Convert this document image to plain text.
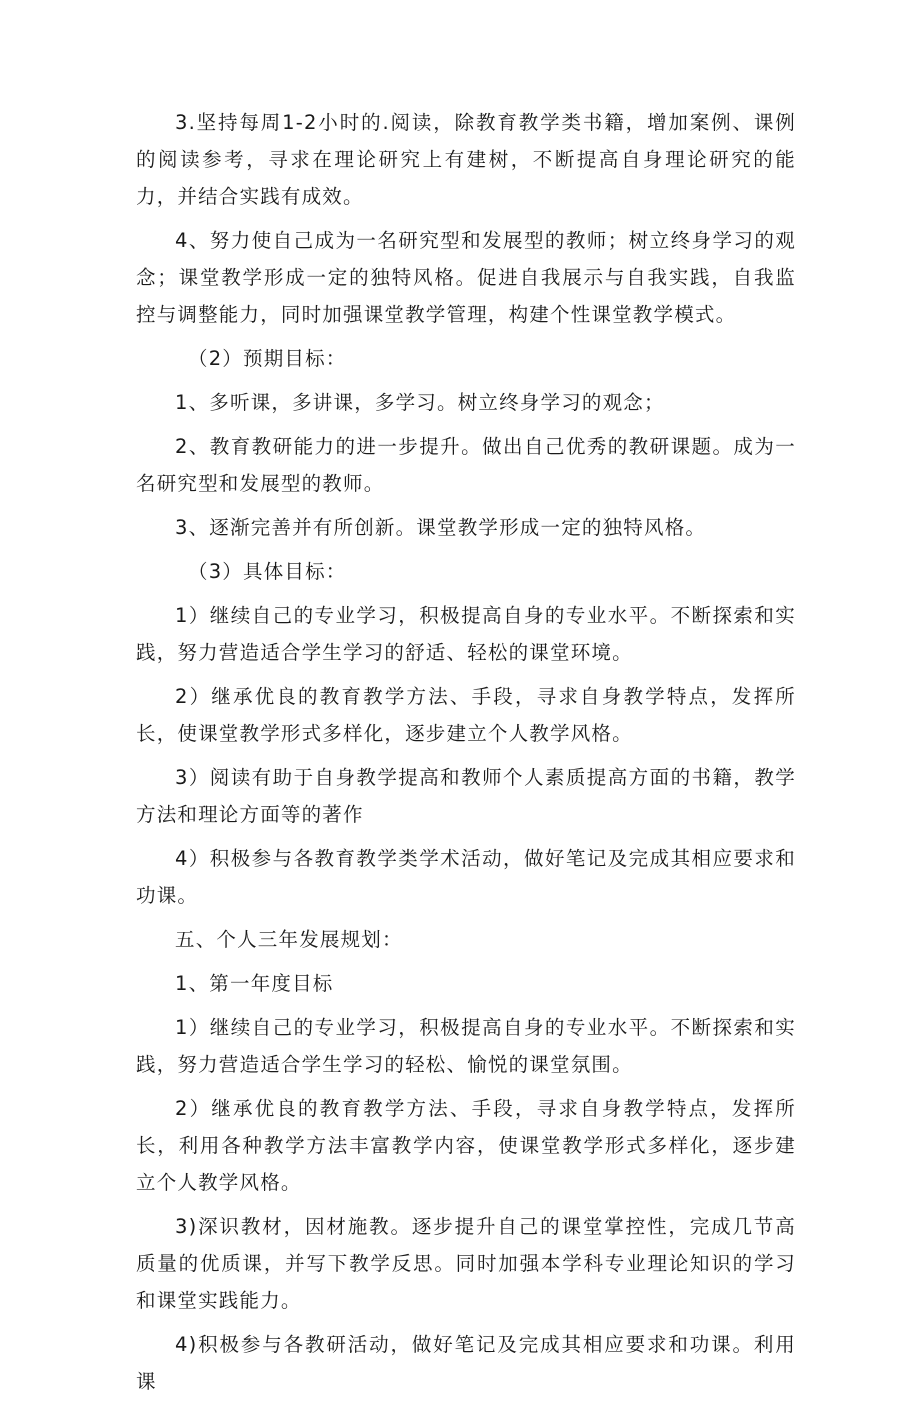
3.坚持每周1-2小时的.阅读，除教育教学类书籍，增加案例、课例的阅读参考，寻求在理论研究上有建树，不断提高自身理论研究的能力，并结合实践有成效。

4、努力使自己成为一名研究型和发展型的教师；树立终身学习的观念；课堂教学形成一定的独特风格。促进自我展示与自我实践，自我监控与调整能力，同时加强课堂教学管理，构建个性课堂教学模式。

（2）预期目标：

1、多听课，多讲课，多学习。树立终身学习的观念；

2、教育教研能力的进一步提升。做出自己优秀的教研课题。成为一名研究型和发展型的教师。

3、逐渐完善并有所创新。课堂教学形成一定的独特风格。

（3）具体目标：

1）继续自己的专业学习，积极提高自身的专业水平。不断探索和实践，努力营造适合学生学习的舒适、轻松的课堂环境。

2）继承优良的教育教学方法、手段，寻求自身教学特点，发挥所长，使课堂教学形式多样化，逐步建立个人教学风格。

3）阅读有助于自身教学提高和教师个人素质提高方面的书籍，教学方法和理论方面等的著作

4）积极参与各教育教学类学术活动，做好笔记及完成其相应要求和功课。

五、个人三年发展规划：

1、第一年度目标

1）继续自己的专业学习，积极提高自身的专业水平。不断探索和实践，努力营造适合学生学习的轻松、愉悦的课堂氛围。

2）继承优良的教育教学方法、手段，寻求自身教学特点，发挥所长，利用各种教学方法丰富教学内容，使课堂教学形式多样化，逐步建立个人教学风格。

3)深识教材，因材施教。逐步提升自己的课堂掌控性，完成几节高质量的优质课，并写下教学反思。同时加强本学科专业理论知识的学习和课堂实践能力。

4)积极参与各教研活动，做好笔记及完成其相应要求和功课。利用课
